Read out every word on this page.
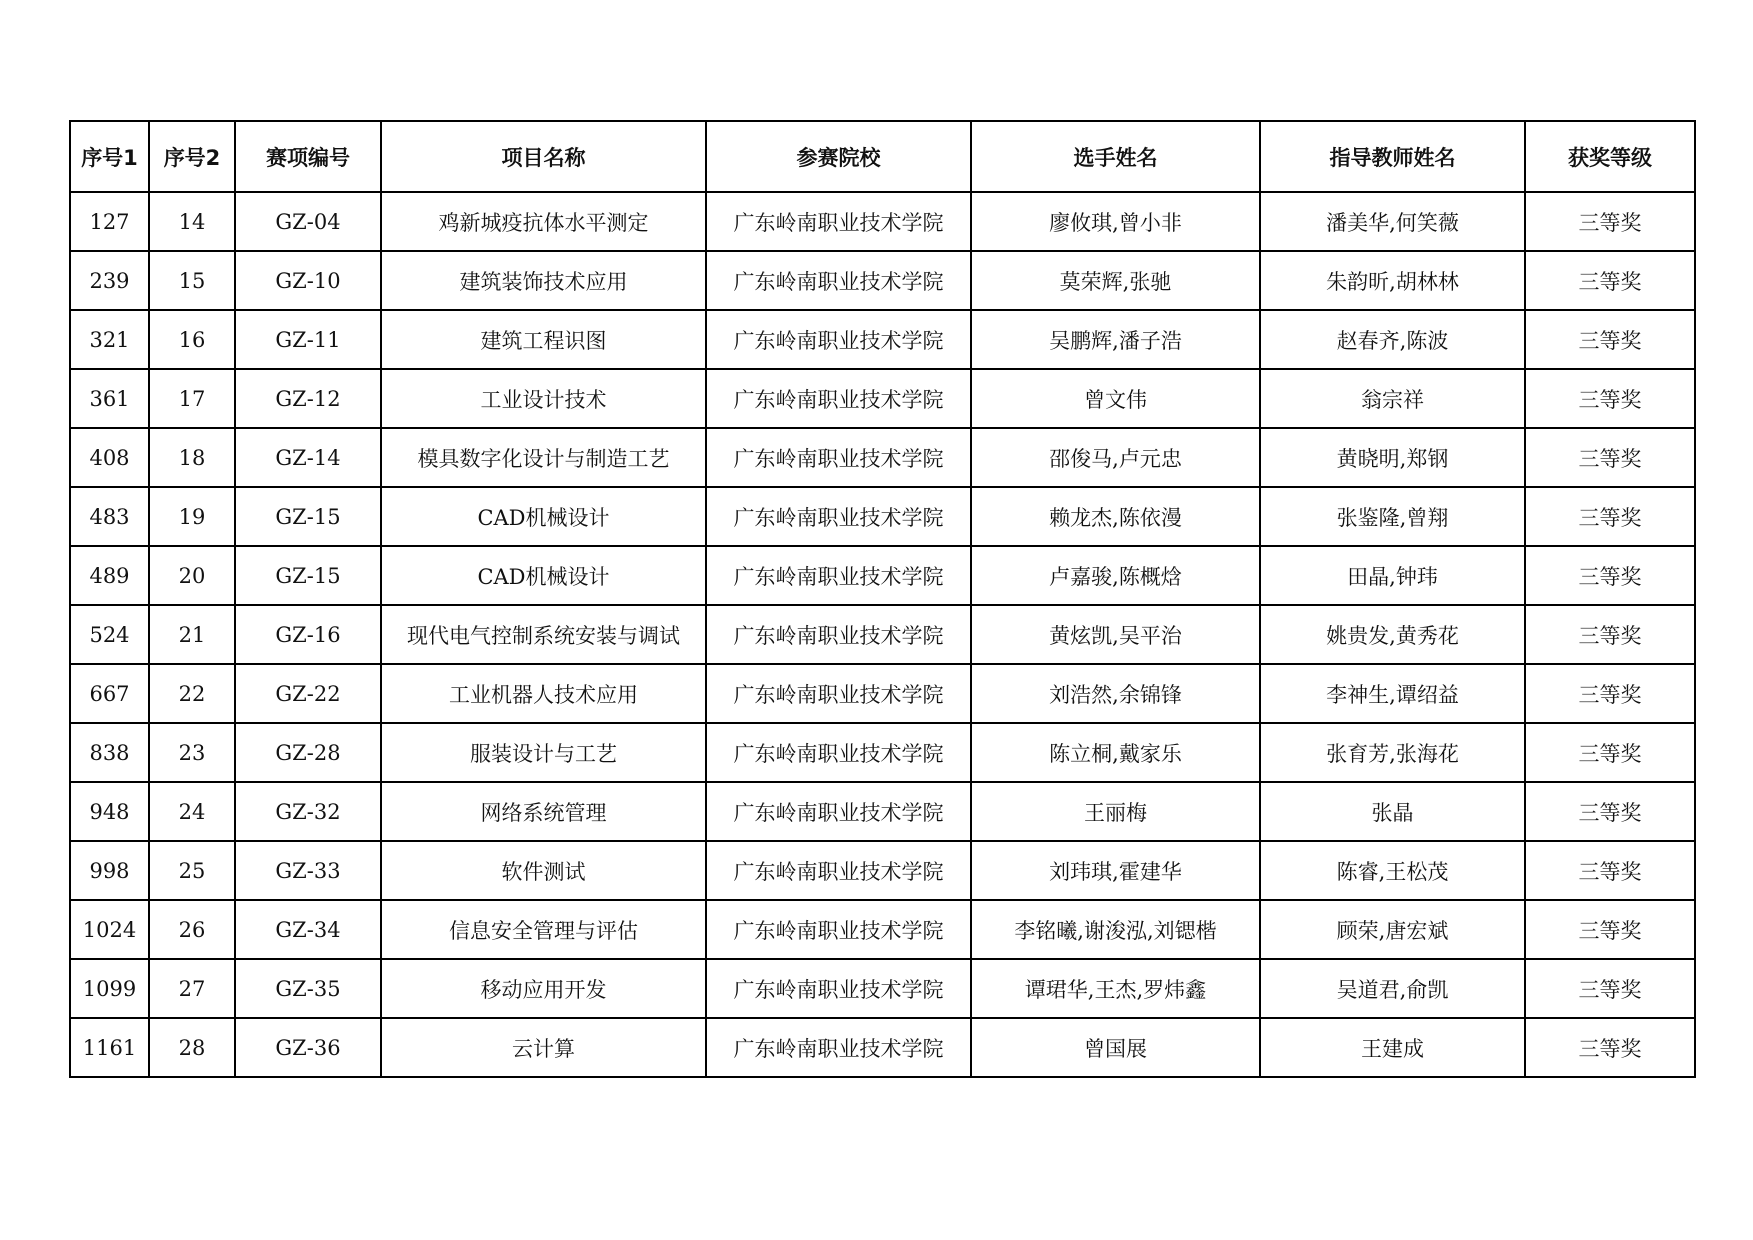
序号1	序号2	赛项编号	项目名称	参赛院校	选手姓名	指导教师姓名	获奖等级
127	14	GZ-04	鸡新城疫抗体水平测定	广东岭南职业技术学院	廖攸琪,曾小非	潘美华,何笑薇	三等奖
239	15	GZ-10	建筑装饰技术应用	广东岭南职业技术学院	莫荣辉,张驰	朱韵昕,胡林林	三等奖
321	16	GZ-11	建筑工程识图	广东岭南职业技术学院	吴鹏辉,潘子浩	赵春齐,陈波	三等奖
361	17	GZ-12	工业设计技术	广东岭南职业技术学院	曾文伟	翁宗祥	三等奖
408	18	GZ-14	模具数字化设计与制造工艺	广东岭南职业技术学院	邵俊马,卢元忠	黄晓明,郑钢	三等奖
483	19	GZ-15	CAD机械设计	广东岭南职业技术学院	赖龙杰,陈依漫	张鉴隆,曾翔	三等奖
489	20	GZ-15	CAD机械设计	广东岭南职业技术学院	卢嘉骏,陈概焓	田晶,钟玮	三等奖
524	21	GZ-16	现代电气控制系统安装与调试	广东岭南职业技术学院	黄炫凯,吴平治	姚贵发,黄秀花	三等奖
667	22	GZ-22	工业机器人技术应用	广东岭南职业技术学院	刘浩然,余锦锋	李神生,谭绍益	三等奖
838	23	GZ-28	服装设计与工艺	广东岭南职业技术学院	陈立桐,戴家乐	张育芳,张海花	三等奖
948	24	GZ-32	网络系统管理	广东岭南职业技术学院	王丽梅	张晶	三等奖
998	25	GZ-33	软件测试	广东岭南职业技术学院	刘玮琪,霍建华	陈睿,王松茂	三等奖
1024	26	GZ-34	信息安全管理与评估	广东岭南职业技术学院	李铭曦,谢浚泓,刘锶楷	顾荣,唐宏斌	三等奖
1099	27	GZ-35	移动应用开发	广东岭南职业技术学院	谭珺华,王杰,罗炜鑫	吴道君,俞凯	三等奖
1161	28	GZ-36	云计算	广东岭南职业技术学院	曾国展	王建成	三等奖
